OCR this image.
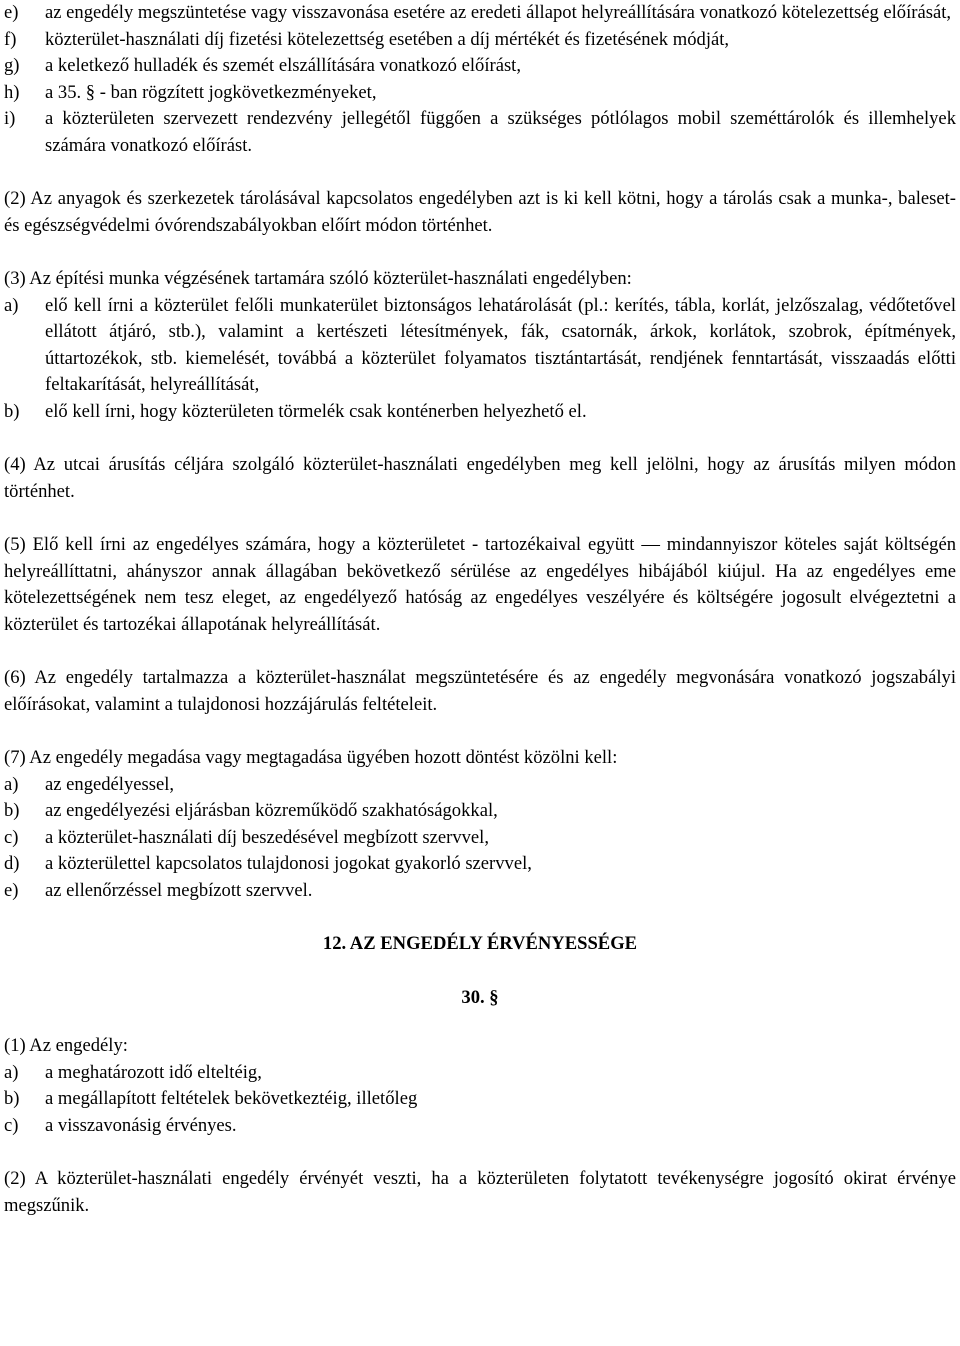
e)	az engedély megszüntetése vagy visszavonása esetére az eredeti állapot helyreállítására vonatkozó kötelezettség előírását,
f)	közterület-használati díj fizetési kötelezettség esetében a díj mértékét és fizetésének módját,
g)	a keletkező hulladék és szemét elszállítására vonatkozó előírást,
h)	a 35. § - ban rögzített jogkövetkezményeket,
i)	a közterületen szervezett rendezvény jellegétől függően a szükséges pótlólagos mobil szeméttárolók és illemhelyek számára vonatkozó előírást.

(2) Az anyagok és szerkezetek tárolásával kapcsolatos engedélyben azt is ki kell kötni, hogy a tárolás csak a munka-, baleset- és egészségvédelmi óvórendszabályokban előírt módon történhet.

(3) Az építési munka végzésének tartamára szóló közterület-használati engedélyben:

a)	elő kell írni a közterület felőli munkaterület biztonságos lehatárolását (pl.: kerítés, tábla, korlát, jelzőszalag, védőtetővel ellátott átjáró, stb.), valamint a kertészeti létesítmények, fák, csatornák, árkok, korlátok, szobrok, építmények, úttartozékok, stb. kiemelését, továbbá a közterület folyamatos tisztántartását, rendjének fenntartását, visszaadás előtti feltakarítását, helyreállítását,
b)	elő kell írni, hogy közterületen törmelék csak konténerben helyezhető el.

(4) Az utcai árusítás céljára szolgáló közterület-használati engedélyben meg kell jelölni, hogy az árusítás milyen módon történhet.

(5) Elő kell írni az engedélyes számára, hogy a közterületet - tartozékaival együtt — mindannyiszor köteles saját költségén helyreállíttatni, ahányszor annak állagában bekövetkező sérülése az engedélyes hibájából kiújul. Ha az engedélyes eme kötelezettségének nem tesz eleget, az engedélyező hatóság az engedélyes veszélyére és költségére jogosult elvégeztetni a közterület és tartozékai állapotának helyreállítását.

(6) Az engedély tartalmazza a közterület-használat megszüntetésére és az engedély megvonására vonatkozó jogszabályi előírásokat, valamint a tulajdonosi hozzájárulás feltételeit.

(7) Az engedély megadása vagy megtagadása ügyében hozott döntést közölni kell:

a)	az engedélyessel,
b)	az engedélyezési eljárásban közreműködő szakhatóságokkal,
c)	a közterület-használati díj beszedésével megbízott szervvel,
d)	a közterülettel kapcsolatos tulajdonosi jogokat gyakorló szervvel,
e)	az ellenőrzéssel megbízott szervvel.

12. AZ ENGEDÉLY ÉRVÉNYESSÉGE

30. §

(1) Az engedély:

a)	a meghatározott idő elteltéig,
b)	a megállapított feltételek bekövetkeztéig, illetőleg
c)	a visszavonásig érvényes.

(2) A közterület-használati engedély érvényét veszti, ha a közterületen folytatott tevékenységre jogosító okirat érvénye megszűnik.
